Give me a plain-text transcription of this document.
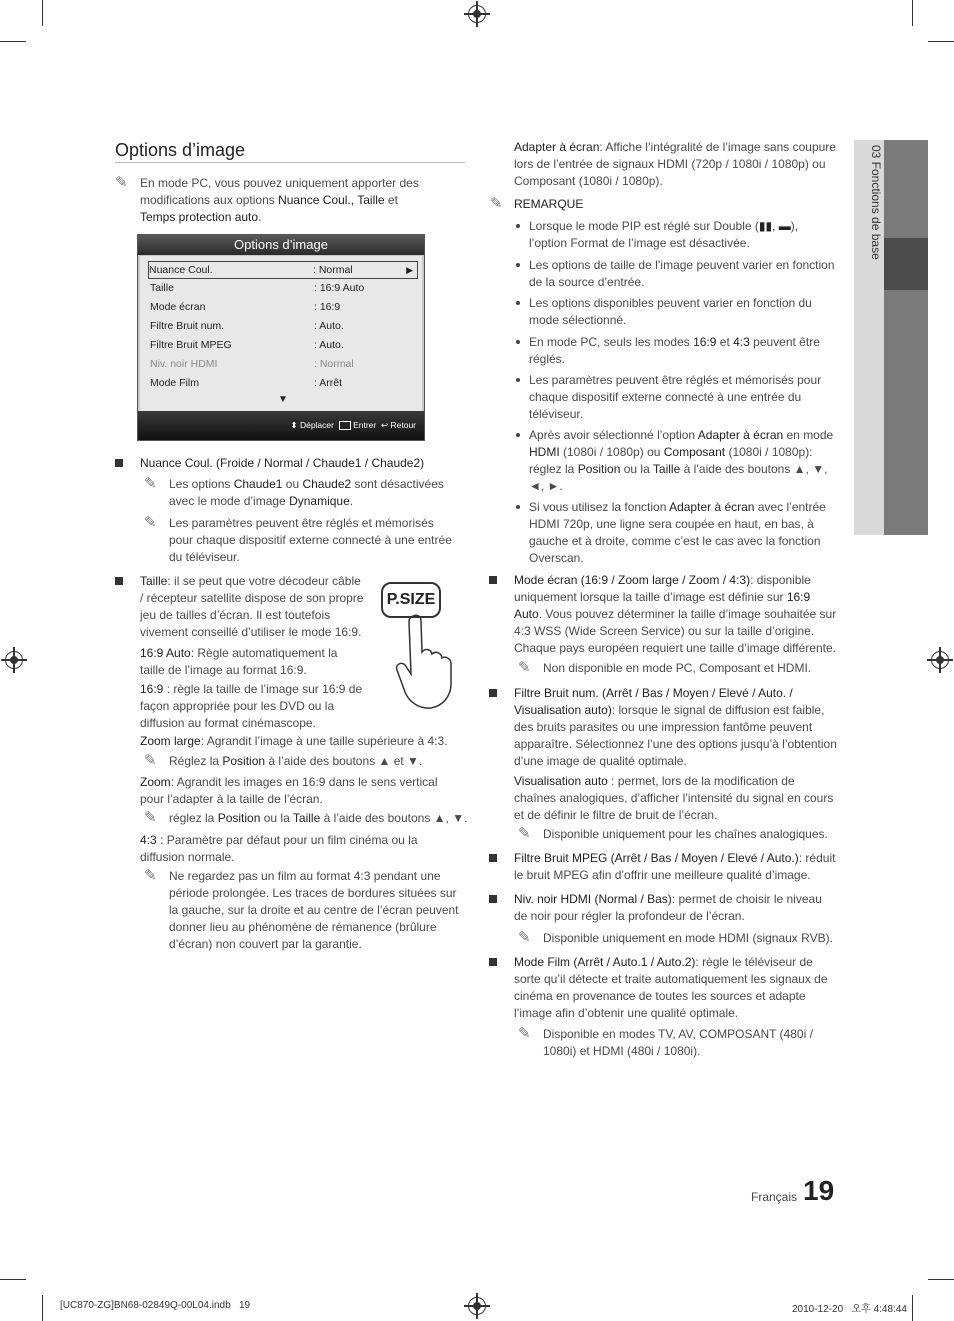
03 Fonctions de base
Options d’image
✎ En mode PC, vous pouvez uniquement apporter des modifications aux options Nuance Coul., Taille et Temps protection auto.
Options d’image
Nuance Coul.	: Normal	▶
Taille	: 16:9 Auto
Mode écran	: 16:9
Filtre Bruit num.	: Auto.
Filtre Bruit MPEG	: Auto.
Niv. noir HDMI	: Normal
Mode Film	: Arrêt
▼
⬍ Déplacer Entrer ↩ Retour
Nuance Coul. (Froide / Normal / Chaude1 / Chaude2)
✎ Les options Chaude1 ou Chaude2 sont désactivées avec le mode d’image Dynamique.
✎ Les paramètres peuvent être réglés et mémorisés pour chaque dispositif externe connecté à une entrée du téléviseur.
Taille: il se peut que votre décodeur câble / récepteur satellite dispose de son propre jeu de tailles d’écran. Il est toutefois vivement conseillé d’utiliser le mode 16:9.
P.SIZE
16:9 Auto: Règle automatiquement la taille de l’image au format 16:9.
16:9 : règle la taille de l’image sur 16:9 de façon appropriée pour les DVD ou la diffusion au format cinémascope.
Zoom large: Agrandit l’image à une taille supérieure à 4:3.
✎ Réglez la Position à l’aide des boutons ▲ et ▼.
Zoom: Agrandit les images en 16:9 dans le sens vertical pour l’adapter à la taille de l’écran.
✎ réglez la Position ou la Taille à l’aide des boutons ▲, ▼.
4:3 : Paramètre par défaut pour un film cinéma ou la diffusion normale.
✎ Ne regardez pas un film au format 4:3 pendant une période prolongée. Les traces de bordures situées sur la gauche, sur la droite et au centre de l’écran peuvent donner lieu au phénomène de rémanence (brûlure d’écran) non couvert par la garantie.
Adapter à écran: Affiche l’intégralité de l’image sans coupure lors de l’entrée de signaux HDMI (720p / 1080i / 1080p) ou Composant (1080i / 1080p).
✎ REMARQUE
Lorsque le mode PIP est réglé sur Double (▮▮, ▬), l’option Format de l’image est désactivée.
Les options de taille de l’image peuvent varier en fonction de la source d’entrée.
Les options disponibles peuvent varier en fonction du mode sélectionné.
En mode PC, seuls les modes 16:9 et 4:3 peuvent être réglés.
Les paramètres peuvent être réglés et mémorisés pour chaque dispositif externe connecté à une entrée du téléviseur.
Après avoir sélectionné l’option Adapter à écran en mode HDMI (1080i / 1080p) ou Composant (1080i / 1080p): réglez la Position ou la Taille à l’aide des boutons ▲, ▼, ◄, ►.
Si vous utilisez la fonction Adapter à écran avec l’entrée HDMI 720p, une ligne sera coupée en haut, en bas, à gauche et à droite, comme c’est le cas avec la fonction Overscan.
Mode écran (16:9 / Zoom large / Zoom / 4:3): disponible uniquement lorsque la taille d’image est définie sur 16:9 Auto. Vous pouvez déterminer la taille d’image souhaitée sur 4:3 WSS (Wide Screen Service) ou sur la taille d’origine. Chaque pays européen requiert une taille d’image différente.
✎ Non disponible en mode PC, Composant et HDMI.
Filtre Bruit num. (Arrêt / Bas / Moyen / Elevé / Auto. / Visualisation auto): lorsque le signal de diffusion est faible, des bruits parasites ou une impression fantôme peuvent apparaître. Sélectionnez l’une des options jusqu’à l’obtention d’une image de qualité optimale.
Visualisation auto : permet, lors de la modification de chaînes analogiques, d’afficher l’intensité du signal en cours et de définir le filtre de bruit de l’écran.
✎ Disponible uniquement pour les chaînes analogiques.
Filtre Bruit MPEG (Arrêt / Bas / Moyen / Elevé / Auto.): réduit le bruit MPEG afin d’offrir une meilleure qualité d’image.
Niv. noir HDMI (Normal / Bas): permet de choisir le niveau de noir pour régler la profondeur de l’écran.
✎ Disponible uniquement en mode HDMI (signaux RVB).
Mode Film (Arrêt / Auto.1 / Auto.2): règle le téléviseur de sorte qu’il détecte et traite automatiquement les signaux de cinéma en provenance de toutes les sources et adapte l’image afin d’obtenir une qualité optimale.
✎ Disponible en modes TV, AV, COMPOSANT (480i / 1080i) et HDMI (480i / 1080i).
Français 19
[UC870-ZG]BN68-02849Q-00L04.indb   19	2010-12-20   오후 4:48:44
